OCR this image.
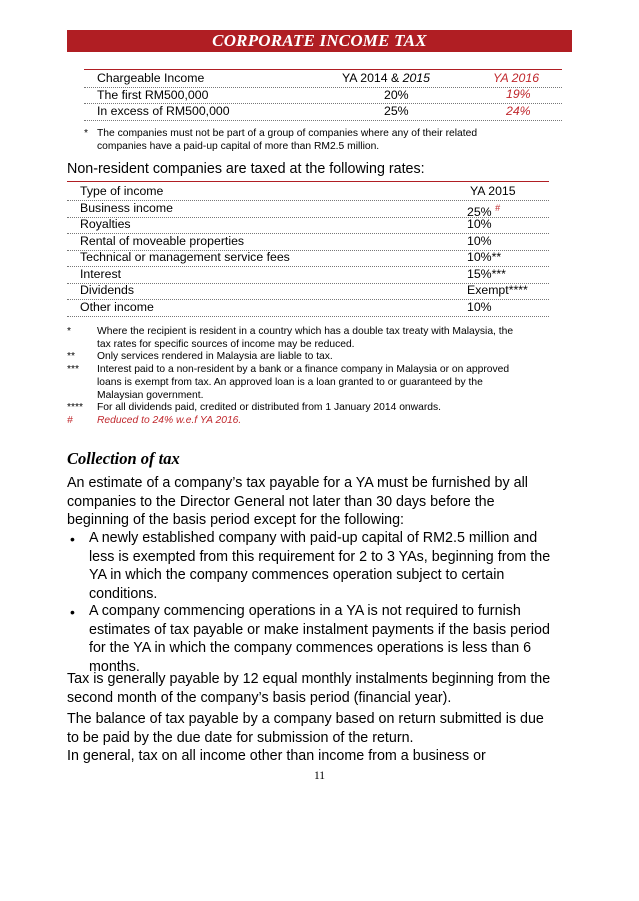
CORPORATE INCOME TAX
Chargeable Income	YA 2014 & 2015	YA 2016
The first RM500,000	20%	19%
In excess of RM500,000	25%	24%
* The companies must not be part of a group of companies where any of their related
companies have a paid-up capital of more than RM2.5 million.
Non-resident companies are taxed at the following rates:
Type of income	YA 2015
Business income	25% #
Royalties	10%
Rental of moveable properties	10%
Technical or management service fees	10%**
Interest	15%***
Dividends	Exempt****
Other income	10%
*	Where the recipient is resident in a country which has a double tax treaty with Malaysia, the
tax rates for specific sources of income may be reduced.
**	Only services rendered in Malaysia are liable to tax.
***	Interest paid to a non-resident by a bank or a finance company in Malaysia or on approved
loans is exempt from tax. An approved loan is a loan granted to or guaranteed by the
Malaysian government.
****	For all dividends paid, credited or distributed from 1 January 2014 onwards.
#	Reduced to 24% w.e.f YA 2016.
Collection of tax
An estimate of a company’s tax payable for a YA must be furnished by all
companies to the Director General not later than 30 days before the
beginning of the basis period except for the following:
• A newly established company with paid-up capital of RM2.5 million and
less is exempted from this requirement for 2 to 3 YAs, beginning from the
YA in which the company commences operation subject to certain
conditions.
• A company commencing operations in a YA is not required to furnish
estimates of tax payable or make instalment payments if the basis period
for the YA in which the company commences operations is less than 6
months.
Tax is generally payable by 12 equal monthly instalments beginning from the
second month of the company’s basis period (financial year).
The balance of tax payable by a company based on return submitted is due
to be paid by the due date for submission of the return.
In general, tax on all income other than income from a business or
11
